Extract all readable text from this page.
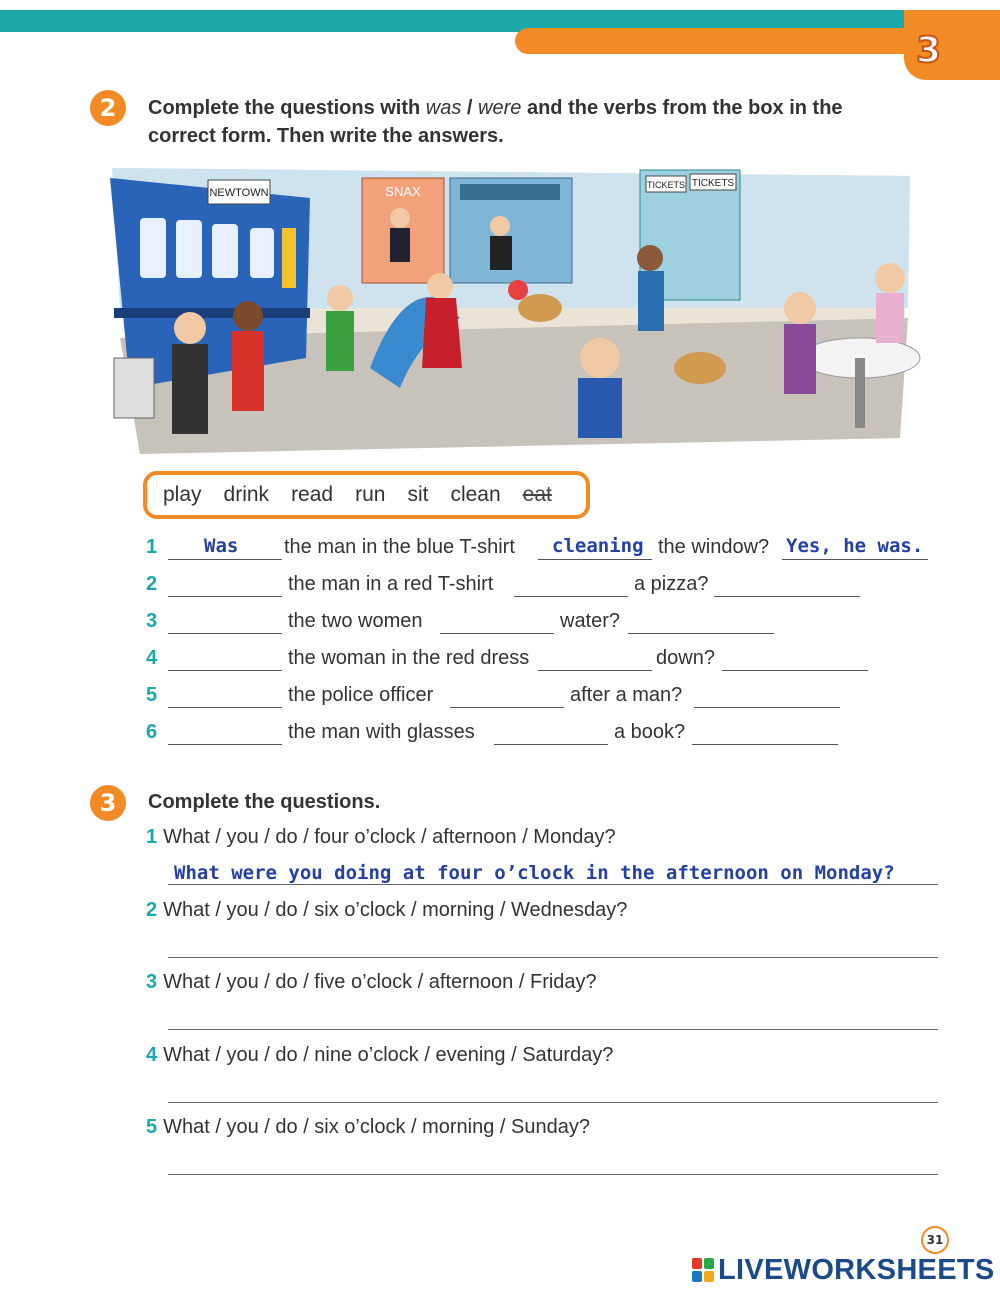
3
2	Complete the questions with was / were and the verbs from the box in the
correct form. Then write the answers.
NEWTOWN	SNAX	TICKETS TICKETS
play drink read run sit clean eat
1 Was the man in the blue T-shirt cleaning the window? Yes, he was.
2	the man in a red T-shirt	a pizza?
3	the two women	water?
4	the woman in the red dress	down?
5	the police officer	after a man?
6	the man with glasses	a book?
3	Complete the questions.
1 What / you / do / four o’clock / afternoon / Monday?
What were you doing at four o’clock in the afternoon on Monday?
2 What / you / do / six o’clock / morning / Wednesday?
3 What / you / do / five o’clock / afternoon / Friday?
4 What / you / do / nine o’clock / evening / Saturday?
5 What / you / do / six o’clock / morning / Sunday?
31
LIVEWORKSHEETS
